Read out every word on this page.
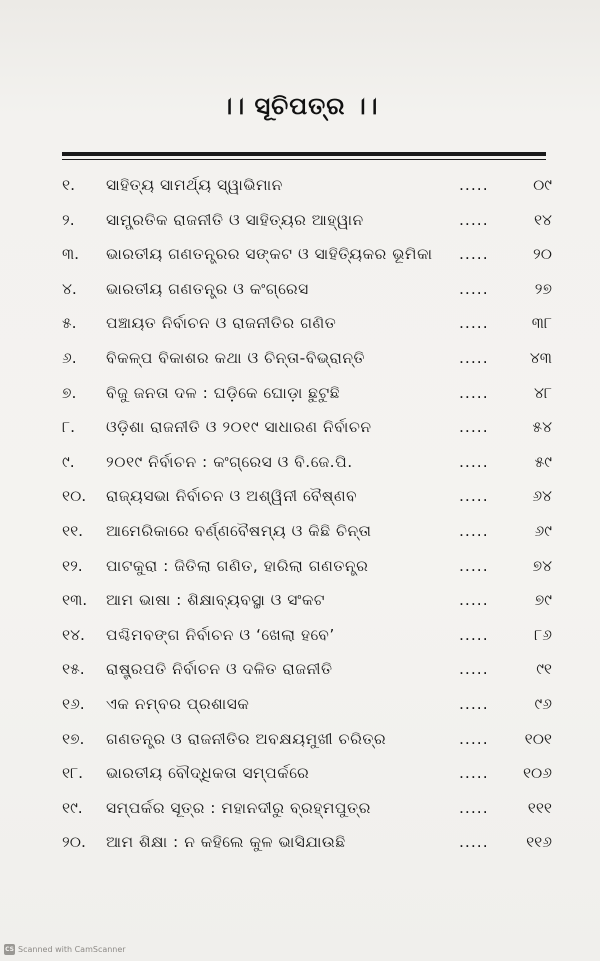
।। ସୂଚିପତ୍ର ।।
୧.	ସାହିତ୍ୟ ସାମର୍ଥ୍ୟ ସ୍ୱାଭିମାନ	.....	୦୯
୨.	ସାମ୍ପ୍ରତିକ ରାଜନୀତି ଓ ସାହିତ୍ୟର ଆହ୍ୱାନ	.....	୧୪
୩.	ଭାରତୀୟ ଗଣତନ୍ତ୍ରର ସଙ୍କଟ ଓ ସାହିତ୍ୟିକର ଭୂମିକା	.....	୨୦
୪.	ଭାରତୀୟ ଗଣତନ୍ତ୍ର ଓ କଂଗ୍ରେସ	.....	୨୭
୫.	ପଞ୍ଚାୟତ ନିର୍ବାଚନ ଓ ରାଜନୀତିର ଗଣିତ	.....	୩୮
୬.	ବିକଳ୍ପ ବିକାଶର କଥା ଓ ଚିନ୍ତା-ବିଭ୍ରାନ୍ତି	.....	୪୩
୭.	ବିଜୁ ଜନତା ଦଳ : ଘଡ଼ିକେ ଘୋଡ଼ା ଛୁଟୁଛି	.....	୪୮
୮.	ଓଡ଼ିଶା ରାଜନୀତି ଓ ୨୦୧୯ ସାଧାରଣ ନିର୍ବାଚନ	.....	୫୪
୯.	୨୦୧୯ ନିର୍ବାଚନ : କଂଗ୍ରେସ ଓ ବି.ଜେ.ପି.	.....	୫୯
୧୦.	ରାଜ୍ୟସଭା ନିର୍ବାଚନ ଓ ଅଶ୍ୱିନୀ ବୈଷ୍ଣବ	.....	୬୪
୧୧.	ଆମେରିକାରେ ବର୍ଣ୍ଣବୈଷମ୍ୟ ଓ କିଛି ଚିନ୍ତା	.....	୬୯
୧୨.	ପାଟକୁରା : ଜିତିଲା ଗଣିତ, ହାରିଲା ଗଣତନ୍ତ୍ର	.....	୭୪
୧୩.	ଆମ ଭାଷା : ଶିକ୍ଷାବ୍ୟବସ୍ଥା ଓ ସଂକଟ	.....	୭୯
୧୪.	ପଶ୍ଚିମବଙ୍ଗ ନିର୍ବାଚନ ଓ ‘ଖେଲା ହବେ’	.....	୮୬
୧୫.	ରାଷ୍ଟ୍ରପତି ନିର୍ବାଚନ ଓ ଦଳିତ ରାଜନୀତି	.....	୯୧
୧୬.	ଏକ ନମ୍ବର ପ୍ରଶାସକ	.....	୯୬
୧୭.	ଗଣତନ୍ତ୍ର ଓ ରାଜନୀତିର ଅବକ୍ଷୟମୁଖୀ ଚରିତ୍ର	.....	୧୦୧
୧୮.	ଭାରତୀୟ ବୌଦ୍ଧିକତା ସମ୍ପର୍କରେ	.....	୧୦୬
୧୯.	ସମ୍ପର୍କର ସୂତ୍ର : ମହାନଦୀରୁ ବ୍ରହ୍ମପୁତ୍ର	.....	୧୧୧
୨୦.	ଆମ ଶିକ୍ଷା : ନ କହିଲେ କୁଳ ଭାସିଯାଉଛି	.....	୧୧୬
CS Scanned with CamScanner
